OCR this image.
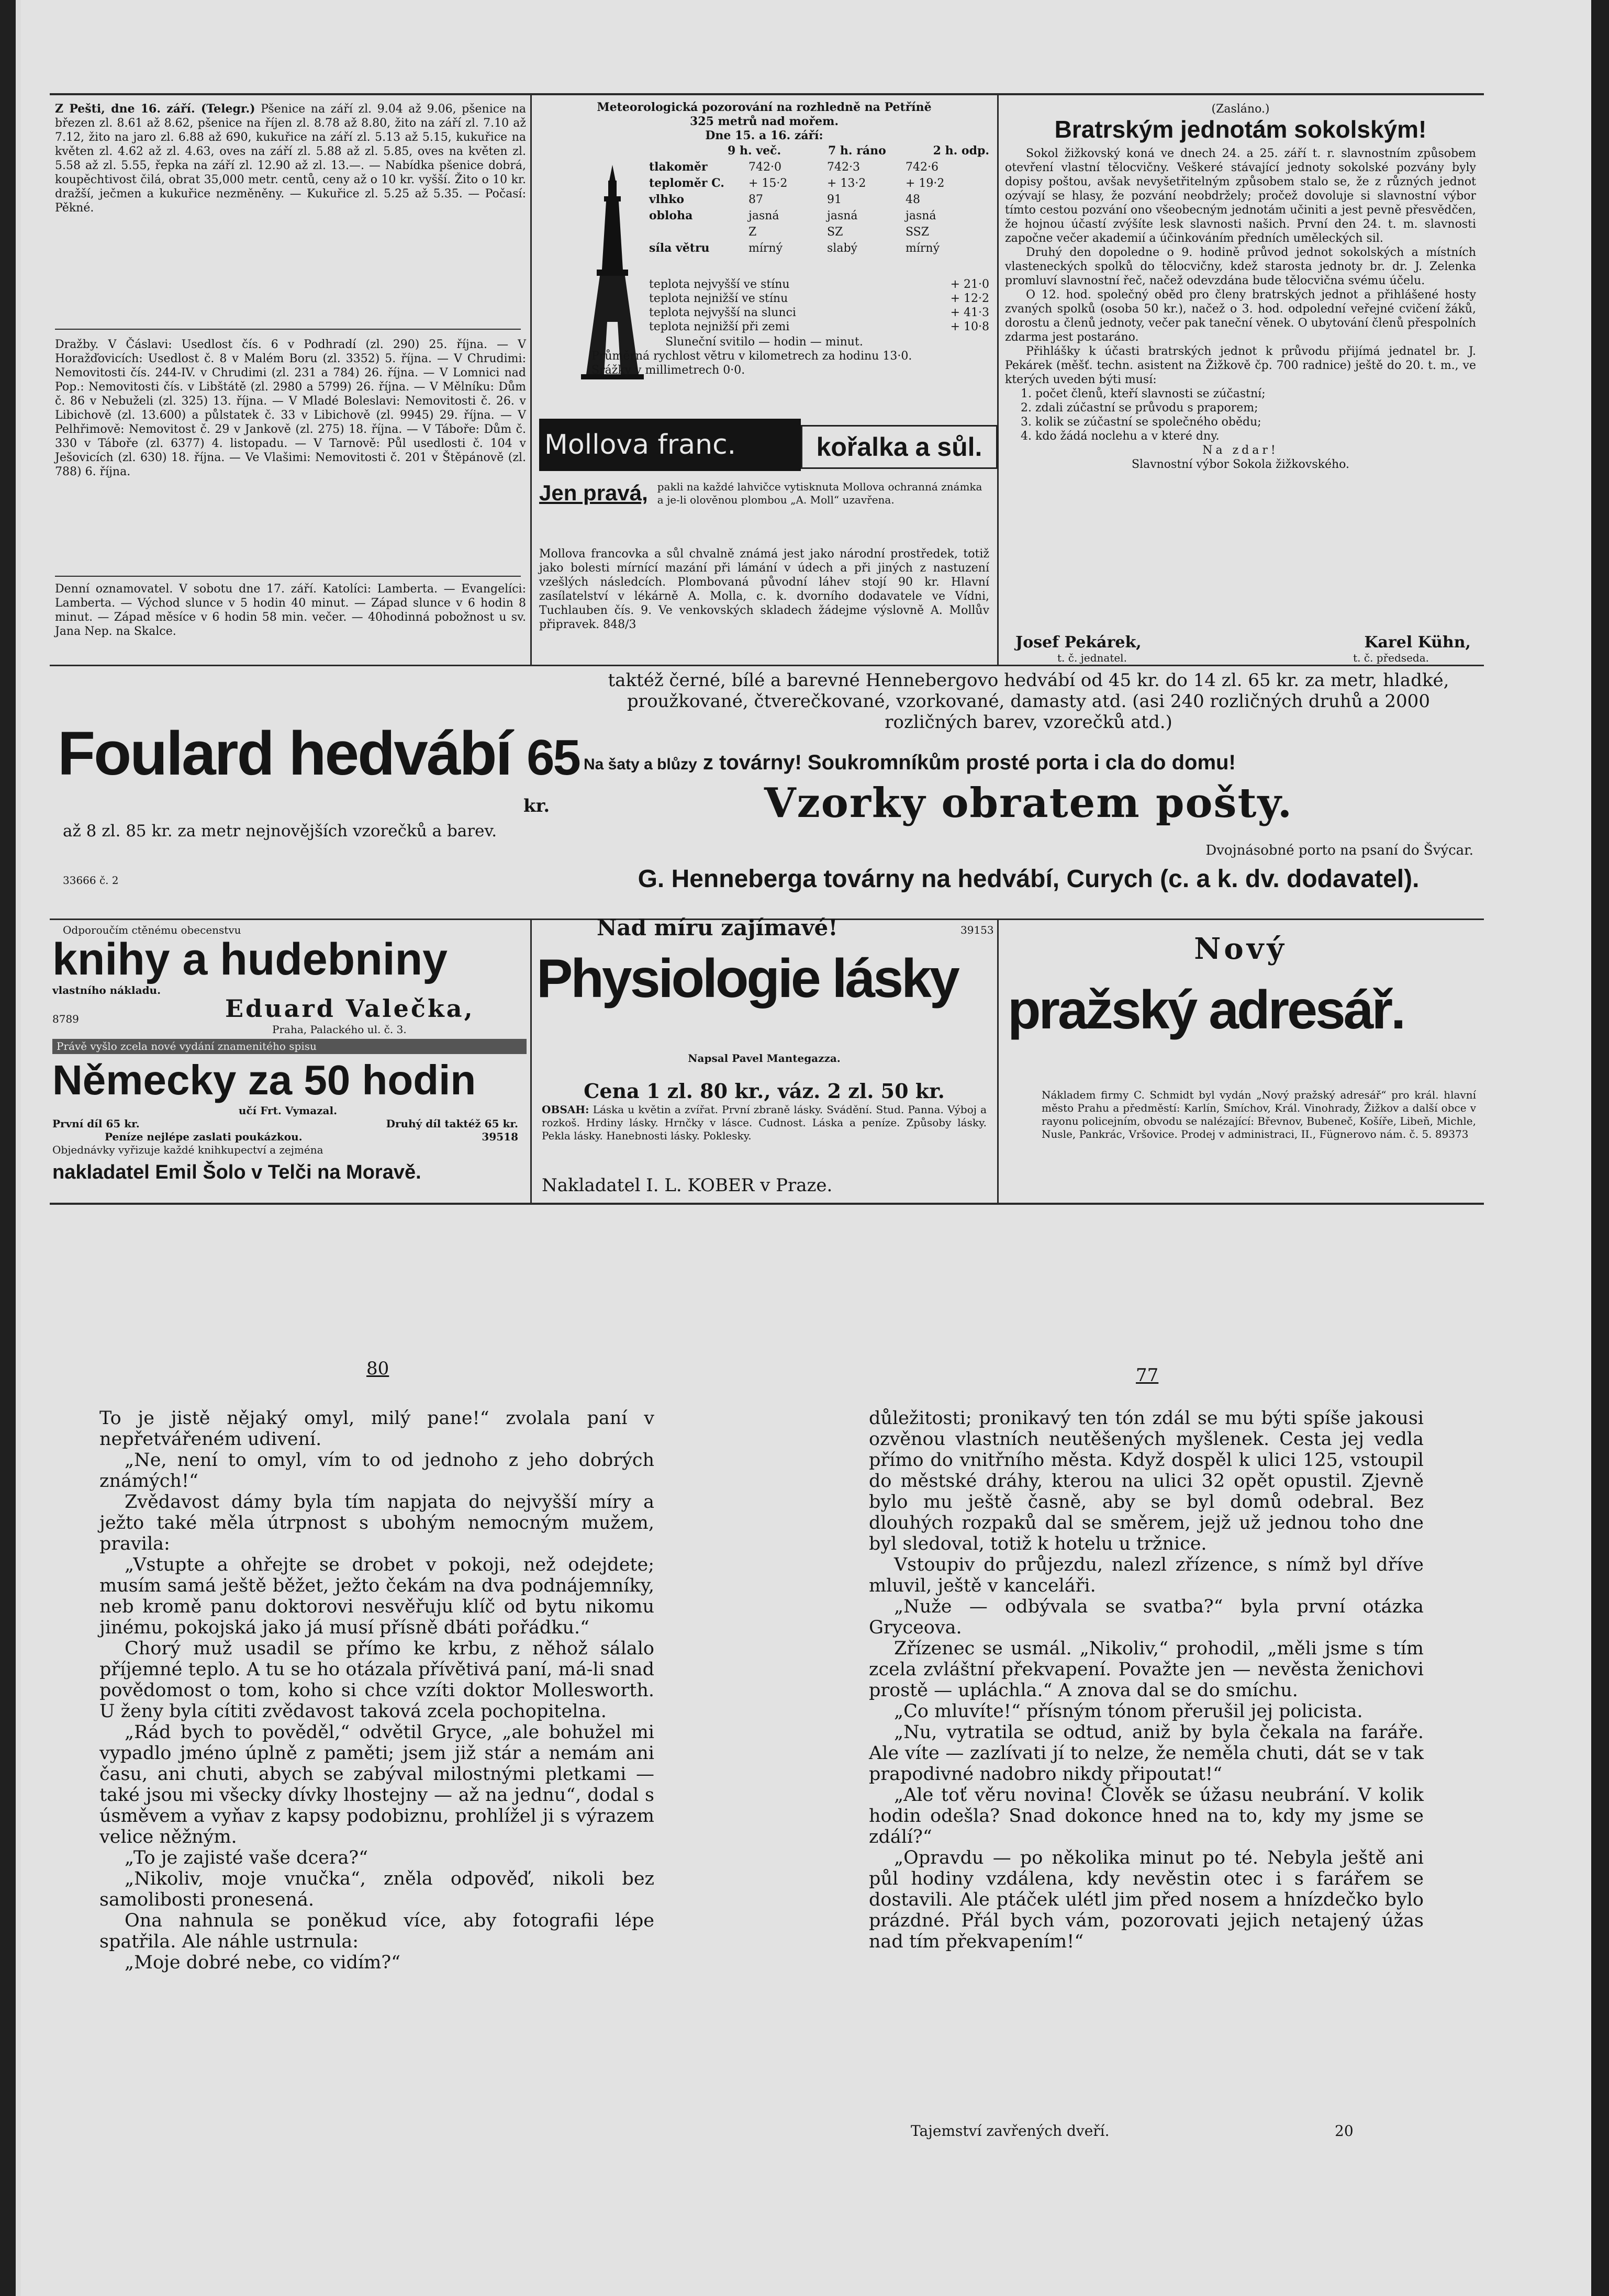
Z Pešti, dne 16. září. (Telegr.) Pšenice na září zl. 9.04 až 9.06, pšenice na březen zl. 8.61 až 8.62, pšenice na říjen zl. 8.78 až 8.80, žito na září zl. 7.10 až 7.12, žito na jaro zl. 6.88 až 690, kukuřice na září zl. 5.13 až 5.15, kukuřice na květen zl. 4.62 až zl. 4.63, oves na září zl. 5.88 až zl. 5.85, oves na květen zl. 5.58 až zl. 5.55, řepka na září zl. 12.90 až zl. 13.—. — Nabídka pšenice dobrá, koupěchtivost čilá, obrat 35,000 metr. centů, ceny až o 10 kr. vyšší. Žito o 10 kr. dražší, ječmen a kukuřice nezměněny. — Kukuřice zl. 5.25 až 5.35. — Počasí: Pěkné.
Dražby. V Čáslavi: Usedlost čís. 6 v Podhradí (zl. 290) 25. října. — V Horažďovicích: Usedlost č. 8 v Malém Boru (zl. 3352) 5. října. — V Chrudimi: Nemovitosti čís. 244-IV. v Chrudimi (zl. 231 a 784) 26. října. — V Lomnici nad Pop.: Nemovitosti čís. v Libštátě (zl. 2980 a 5799) 26. října. — V Mělníku: Dům č. 86 v Nebuželi (zl. 325) 13. října. — V Mladé Boleslavi: Nemovitosti č. 26. v Libichově (zl. 13.600) a půlstatek č. 33 v Libichově (zl. 9945) 29. října. — V Pelhřimově: Nemovitost č. 29 v Jankově (zl. 275) 18. října. — V Táboře: Dům č. 330 v Táboře (zl. 6377) 4. listopadu. — V Tarnově: Půl usedlosti č. 104 v Ješovicích (zl. 630) 18. října. — Ve Vlašimi: Nemovitosti č. 201 v Štěpánově (zl. 788) 6. října.
Denní oznamovatel. V sobotu dne 17. září. Katolíci: Lamberta. — Evangelíci: Lamberta. — Východ slunce v 5 hodin 40 minut. — Západ slunce v 6 hodin 8 minut. — Západ měsíce v 6 hodin 58 min. večer. — 40hodinná pobožnost u sv. Jana Nep. na Skalce.
Meteorologická pozorování na rozhledně na Petříně
325 metrů nad mořem.
Dne 15. a 16. září:
9 h. več.	7 h. ráno	2 h. odp.
tlakoměr	742·0	742·3	742·6
teploměr C.	+ 15·2	+ 13·2	+ 19·2
vlhko	87	91	48
obloha	jasná	jasná	jasná
Z	SZ	SSZ
síla větru	mírný	slabý	mírný
teplota nejvyšší ve stínu	+ 21·0
teplota nejnižší ve stínu	+ 12·2
teplota nejvyšší na slunci	+ 41·3
teplota nejnižší při zemi	+ 10·8

Sluneční svitilo — hodin — minut.

Průměrná rychlost větru v kilometrech za hodinu 13·0.

Srážky v millimetrech 0·0.

Mollova franc.	kořalka a sůl.
Jen pravá, pakli na každé lahvičce vytisknuta Mollova ochranná známka a je-li olověnou plombou „A. Moll“ uzavřena.
Mollova francovka a sůl chvalně známá jest jako národní prostředek, totiž jako bolesti mírnící mazání při lámání v údech a při jiných z nastuzení vzešlých následcích. Plombovaná původní láhev stojí 90 kr. Hlavní zasílatelství v lékárně A. Molla, c. k. dvorního dodavatele ve Vídni, Tuchlauben čís. 9. Ve venkovských skladech žádejme výslovně A. Mollův připravek. 848/3
(Zasláno.)
Bratrským jednotám sokolským!

Sokol žižkovský koná ve dnech 24. a 25. září t. r. slavnostním způsobem otevření vlastní tělocvičny. Veškeré stávající jednoty sokolské pozvány byly dopisy poštou, avšak nevyšetřitelným způsobem stalo se, že z různých jednot ozývají se hlasy, že pozvání neobdržely; pročež dovoluje si slavnostní výbor tímto cestou pozvání ono všeobecným jednotám učiniti a jest pevně přesvědčen, že hojnou účastí zvýšíte lesk slavnosti našich. První den 24. t. m. slavnosti započne večer akademií a účinkováním předních uměleckých sil.

Druhý den dopoledne o 9. hodině průvod jednot sokolských a místních vlasteneckých spolků do tělocvičny, kdež starosta jednoty br. dr. J. Zelenka promluví slavnostní řeč, načež odevzdána bude tělocvična svému účelu.

O 12. hod. společný oběd pro členy bratrských jednot a přihlášené hosty zvaných spolků (osoba 50 kr.), načež o 3. hod. odpolední veřejné cvičení žáků, dorostu a členů jednoty, večer pak taneční věnek. O ubytování členů přespolních zdarma jest postaráno.

Přihlášky k účasti bratrských jednot k průvodu přijímá jednatel br. J. Pekárek (měšť. techn. asistent na Žižkově čp. 700 radnice) ještě do 20. t. m., ve kterých uveden býti musí:

1. počet členů, kteří slavnosti se zúčastní;

2. zdali zúčastní se průvodu s praporem;

3. kolik se zúčastní se společného obědu;

4. kdo žádá noclehu a v které dny.

Na zdar!

Slavnostní výbor Sokola žižkovského.

Josef Pekárek,	Karel Kühn,
t. č. jednatel.	t. č. předseda.
Foulard hedvábí 65
kr.
až 8 zl. 85 kr. za metr nejnovějších vzorečků a barev.
33666 č. 2
taktéž černé, bílé a barevné Hennebergovo hedvábí od 45 kr. do 14 zl. 65 kr. za metr, hladké, proužkované, čtverečkované, vzorkované, damasty atd. (asi 240 rozličných druhů a 2000 rozličných barev, vzorečků atd.)
Na šaty a blůzy z továrny! Soukromníkům prosté porta i cla do domu!
Vzorky obratem pošty.
Dvojnásobné porto na psaní do Švýcar.
G. Henneberga továrny na hedvábí, Curych (c. a k. dv. dodavatel).
Odporoučím ctěnému obecenstvu
knihy a hudebniny
vlastního nákladu.
8789	Eduard Valečka,
Praha, Palackého ul. č. 3.
Právě vyšlo zcela nové vydání znamenitého spisu
Německy za 50 hodin
učí Frt. Vymazal.
První díl 65 kr.	Druhý díl taktéž 65 kr.
Peníze nejlépe zaslati poukázkou.	39518
Objednávky vyřizuje každé knihkupectví a zejména
nakladatel Emil Šolo v Telči na Moravě.
Nad míru zajímavé!	39153
Physiologie lásky
Napsal Pavel Mantegazza.
Cena 1 zl. 80 kr., váz. 2 zl. 50 kr.
OBSAH: Láska u květin a zvířat. První zbraně lásky. Svádění. Stud. Panna. Výboj a rozkoš. Hrdiny lásky. Hrnčky v lásce. Cudnost. Láska a peníze. Způsoby lásky. Pekla lásky. Hanebnosti lásky. Poklesky.
Nakladatel I. L. KOBER v Praze.
Nový
pražský adresář.
Nákladem firmy C. Schmidt byl vydán „Nový pražský adresář“ pro král. hlavní město Prahu a předměstí: Karlín, Smíchov, Král. Vinohrady, Žižkov a další obce v rayonu policejním, obvodu se nalézající: Břevnov, Bubeneč, Košíře, Libeň, Michle, Nusle, Pankrác, Vršovice. Prodej v administraci, II., Fügnerovo nám. č. 5. 89373
80	77

To je jistě nějaký omyl, milý pane!“ zvolala paní v nepřetvářeném udivení.

„Ne, není to omyl, vím to od jednoho z jeho dobrých známých!“

Zvědavost dámy byla tím napjata do nejvyšší míry a ježto také měla útrpnost s ubohým nemocným mužem, pravila:

„Vstupte a ohřejte se drobet v pokoji, než odejdete; musím samá ještě běžet, ježto čekám na dva podnájemníky, neb kromě panu doktorovi nesvěřuju klíč od bytu nikomu jinému, pokojská jako já musí přísně dbáti pořádku.“

Chorý muž usadil se přímo ke krbu, z něhož sálalo příjemné teplo. A tu se ho otázala přívětivá paní, má-li snad povědomost o tom, koho si chce vzíti doktor Mollesworth. U ženy byla cítiti zvědavost taková zcela pochopitelna.

„Rád bych to pověděl,“ odvětil Gryce, „ale bohužel mi vypadlo jméno úplně z paměti; jsem již stár a nemám ani času, ani chuti, abych se zabýval milostnými pletkami — také jsou mi všecky dívky lhostejny — až na jednu“, dodal s úsměvem a vyňav z kapsy podobiznu, prohlížel ji s výrazem velice něžným.

„To je zajisté vaše dcera?“

„Nikoliv, moje vnučka“, zněla odpověď, nikoli bez samolibosti pronesená.

Ona nahnula se poněkud více, aby fotografii lépe spatřila. Ale náhle ustrnula:

„Moje dobré nebe, co vidím?“

důležitosti; pronikavý ten tón zdál se mu býti spíše jakousi ozvěnou vlastních neutěšených myšlenek. Cesta jej vedla přímo do vnitřního města. Když dospěl k ulici 125, vstoupil do městské dráhy, kterou na ulici 32 opět opustil. Zjevně bylo mu ještě časně, aby se byl domů odebral. Bez dlouhých rozpaků dal se směrem, jejž už jednou toho dne byl sledoval, totiž k hotelu u tržnice.

Vstoupiv do průjezdu, nalezl zřízence, s nímž byl dříve mluvil, ještě v kanceláři.

„Nuže — odbývala se svatba?“ byla první otázka Gryceova.

Zřízenec se usmál. „Nikoliv,“ prohodil, „měli jsme s tím zcela zvláštní překvapení. Považte jen — nevěsta ženichovi prostě — upláchla.“ A znova dal se do smíchu.

„Co mluvíte!“ přísným tónom přerušil jej policista.

„Nu, vytratila se odtud, aniž by byla čekala na faráře. Ale víte — zazlívati jí to nelze, že neměla chuti, dát se v tak prapodivné nadobro nikdy připoutat!“

„Ale toť věru novina! Člověk se úžasu neubrání. V kolik hodin odešla? Snad dokonce hned na to, kdy my jsme se zdálí?“

„Opravdu — po několika minut po té. Nebyla ještě ani půl hodiny vzdálena, kdy nevěstin otec i s farářem se dostavili. Ale ptáček ulétl jim před nosem a hnízdečko bylo prázdné. Přál bych vám, pozorovati jejich netajený úžas nad tím překvapením!“

Tajemství zavřených dveří.	20
